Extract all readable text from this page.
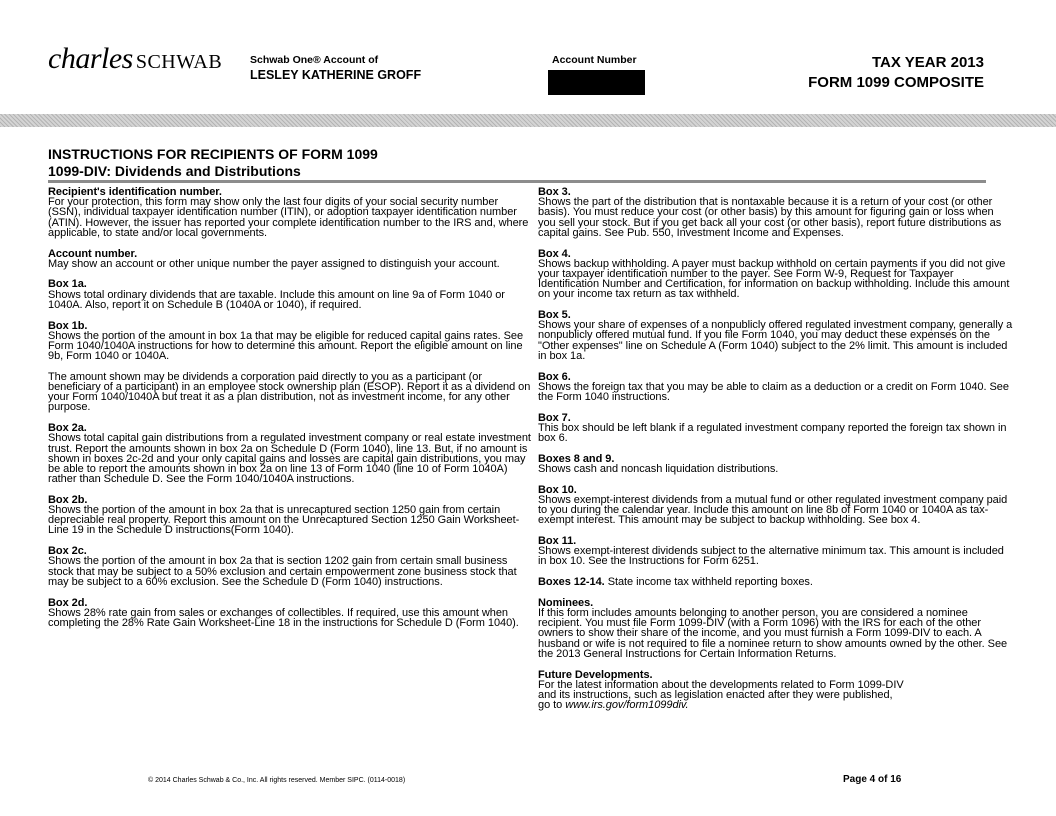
charles SCHWAB	Schwab One® Account of
LESLEY KATHERINE GROFF
Account Number	TAX YEAR 2013
FORM 1099 COMPOSITE
INSTRUCTIONS FOR RECIPIENTS OF FORM 1099
1099-DIV: Dividends and Distributions
Recipient's identification number.
For your protection, this form may show only the last four digits of your social security number (SSN), individual taxpayer identification number (ITIN), or adoption taxpayer identification number (ATIN). However, the issuer has reported your complete identification number to the IRS and, where applicable, to state and/or local governments.
Account number.
May show an account or other unique number the payer assigned to distinguish your account.
Box 1a.
Shows total ordinary dividends that are taxable. Include this amount on line 9a of Form 1040 or 1040A. Also, report it on Schedule B (1040A or 1040), if required.
Box 1b.
Shows the portion of the amount in box 1a that may be eligible for reduced capital gains rates. See Form 1040/1040A instructions for how to determine this amount. Report the eligible amount on line 9b, Form 1040 or 1040A.
The amount shown may be dividends a corporation paid directly to you as a participant (or beneficiary of a participant) in an employee stock ownership plan (ESOP). Report it as a dividend on your Form 1040/1040A but treat it as a plan distribution, not as investment income, for any other purpose.
Box 2a.
Shows total capital gain distributions from a regulated investment company or real estate investment trust. Report the amounts shown in box 2a on Schedule D (Form 1040), line 13. But, if no amount is shown in boxes 2c-2d and your only capital gains and losses are capital gain distributions, you may be able to report the amounts shown in box 2a on line 13 of Form 1040 (line 10 of Form 1040A) rather than Schedule D. See the Form 1040/1040A instructions.
Box 2b.
Shows the portion of the amount in box 2a that is unrecaptured section 1250 gain from certain depreciable real property. Report this amount on the Unrecaptured Section 1250 Gain Worksheet-Line 19 in the Schedule D instructions(Form 1040).
Box 2c.
Shows the portion of the amount in box 2a that is section 1202 gain from certain small business stock that may be subject to a 50% exclusion and certain empowerment zone business stock that may be subject to a 60% exclusion. See the Schedule D (Form 1040) instructions.
Box 2d.
Shows 28% rate gain from sales or exchanges of collectibles. If required, use this amount when completing the 28% Rate Gain Worksheet-Line 18 in the instructions for Schedule D (Form 1040).
Box 3.
Shows the part of the distribution that is nontaxable because it is a return of your cost (or other basis). You must reduce your cost (or other basis) by this amount for figuring gain or loss when you sell your stock. But if you get back all your cost (or other basis), report future distributions as capital gains. See Pub. 550, Investment Income and Expenses.
Box 4.
Shows backup withholding. A payer must backup withhold on certain payments if you did not give your taxpayer identification number to the payer. See Form W-9, Request for Taxpayer Identification Number and Certification, for information on backup withholding. Include this amount on your income tax return as tax withheld.
Box 5.
Shows your share of expenses of a nonpublicly offered regulated investment company, generally a nonpublicly offered mutual fund. If you file Form 1040, you may deduct these expenses on the "Other expenses" line on Schedule A (Form 1040) subject to the 2% limit. This amount is included in box 1a.
Box 6.
Shows the foreign tax that you may be able to claim as a deduction or a credit on Form 1040. See the Form 1040 instructions.
Box 7.
This box should be left blank if a regulated investment company reported the foreign tax shown in box 6.
Boxes 8 and 9.
Shows cash and noncash liquidation distributions.
Box 10.
Shows exempt-interest dividends from a mutual fund or other regulated investment company paid to you during the calendar year. Include this amount on line 8b of Form 1040 or 1040A as tax-exempt interest. This amount may be subject to backup withholding. See box 4.
Box 11.
Shows exempt-interest dividends subject to the alternative minimum tax. This amount is included in box 10. See the Instructions for Form 6251.
Boxes 12-14. State income tax withheld reporting boxes.
Nominees.
If this form includes amounts belonging to another person, you are considered a nominee recipient. You must file Form 1099-DIV (with a Form 1096) with the IRS for each of the other owners to show their share of the income, and you must furnish a Form 1099-DIV to each. A husband or wife is not required to file a nominee return to show amounts owned by the other. See the 2013 General Instructions for Certain Information Returns.
Future Developments.
For the latest information about the developments related to Form 1099-DIV
and its instructions, such as legislation enacted after they were published,
go to www.irs.gov/form1099div.
© 2014 Charles Schwab & Co., Inc. All rights reserved. Member SIPC. (0114-0018)	Page 4 of 16
